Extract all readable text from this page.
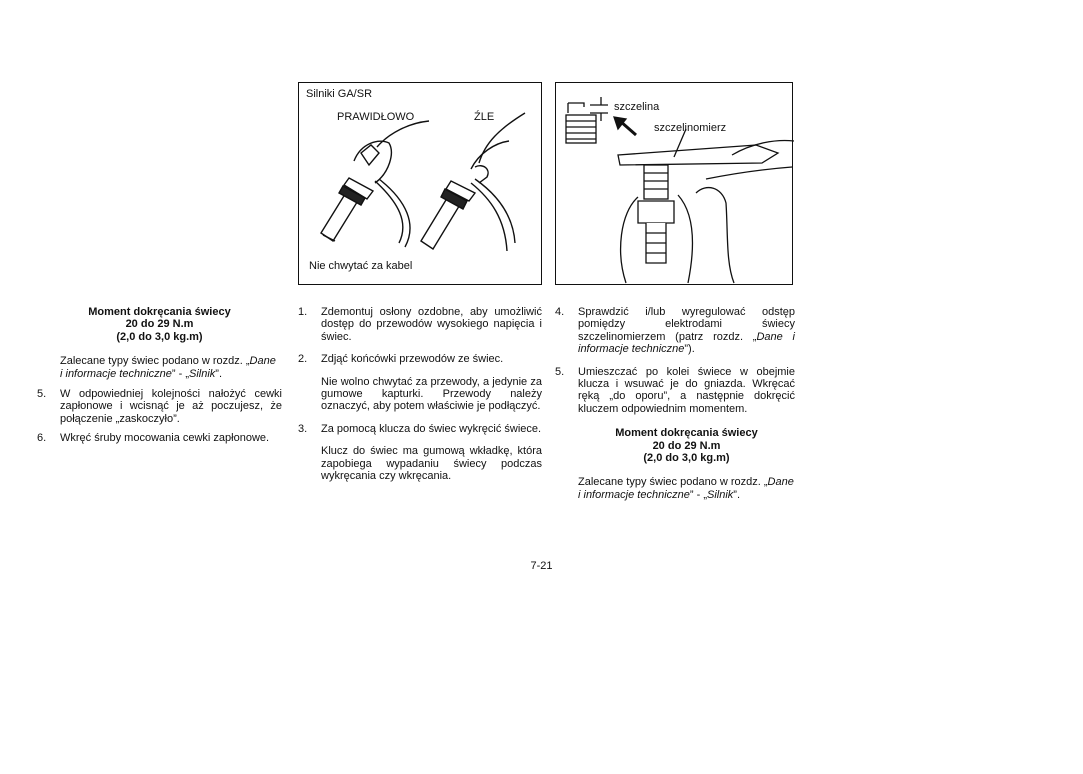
Silniki GA/SR
PRAWIDŁOWO	ŹLE
Nie chwytać za kabel
szczelina
szczelinomierz
Moment dokręcania świecy
20 do 29 N.m
(2,0 do 3,0 kg.m)
Zalecane typy świec podano w rozdz. „Dane
i informacje techniczne” - „Silnik”.
5. W odpowiedniej kolejności nałożyć cewki zapłonowe i wcisnąć je aż poczujesz, że połączenie „zaskoczyło”.
6. Wkręć śruby mocowania cewki zapłonowe.
1. Zdemontuj osłony ozdobne, aby umożliwić dostęp do przewodów wysokiego napięcia i świec.
2. Zdjąć końcówki przewodów ze świec.
Nie wolno chwytać za przewody, a jedynie za gumowe kapturki. Przewody należy oznaczyć, aby potem właściwie je podłączyć.
3. Za pomocą klucza do świec wykręcić świece.
Klucz do świec ma gumową wkładkę, która zapobiega wypadaniu świecy podczas wykręcania czy wkręcania.
4. Sprawdzić i/lub wyregulować odstęp pomiędzy elektrodami świecy szczelinomierzem (patrz rozdz. „Dane i informacje techniczne”).
5. Umieszczać po kolei świece w obejmie klucza i wsuwać je do gniazda. Wkręcać ręką „do oporu”, a następnie dokręcić kluczem odpowiednim momentem.
Moment dokręcania świecy
20 do 29 N.m
(2,0 do 3,0 kg.m)
Zalecane typy świec podano w rozdz. „Dane
i informacje techniczne” - „Silnik”.
7-21
